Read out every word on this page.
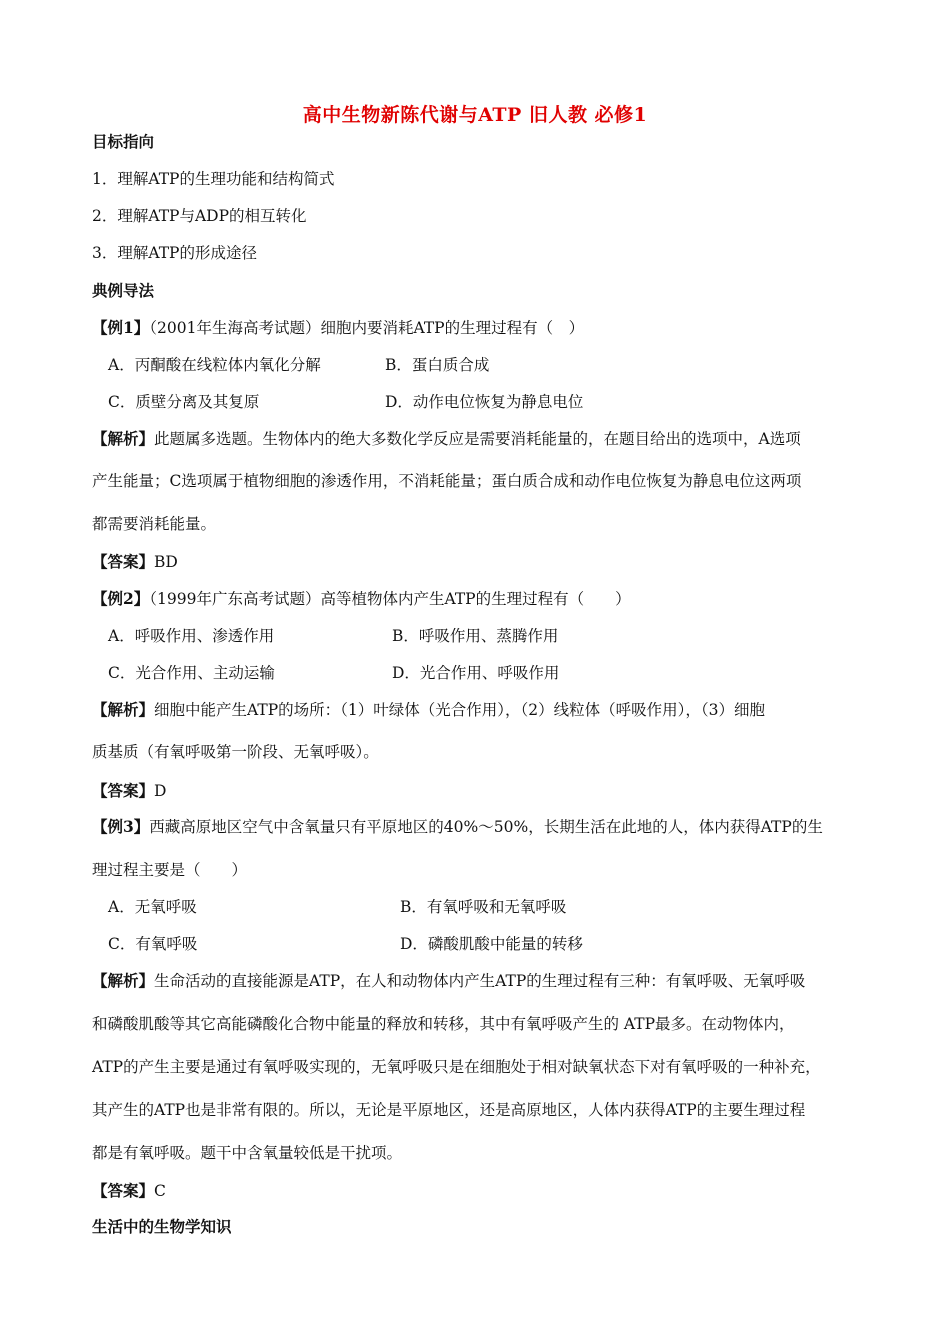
高中生物新陈代谢与ATP 旧人教 必修1
目标指向
1．理解ATP的生理功能和结构简式
2．理解ATP与ADP的相互转化
3．理解ATP的形成途径
典例导法
【例1】（2001年生海高考试题）细胞内要消耗ATP的生理过程有（　）
A．丙酮酸在线粒体内氧化分解	B．蛋白质合成
C．质壁分离及其复原	D．动作电位恢复为静息电位
【解析】此题属多选题。生物体内的绝大多数化学反应是需要消耗能量的，在题目给出的选项中，A选项
产生能量；C选项属于植物细胞的渗透作用，不消耗能量；蛋白质合成和动作电位恢复为静息电位这两项
都需要消耗能量。
【答案】BD
【例2】（1999年广东高考试题）高等植物体内产生ATP的生理过程有（　　）
A．呼吸作用、渗透作用	B．呼吸作用、蒸腾作用
C．光合作用、主动运输	D．光合作用、呼吸作用
【解析】细胞中能产生ATP的场所：（1）叶绿体（光合作用），（2）线粒体（呼吸作用），（3）细胞
质基质（有氧呼吸第一阶段、无氧呼吸）。
【答案】D
【例3】西藏高原地区空气中含氧量只有平原地区的40%～50%，长期生活在此地的人，体内获得ATP的生
理过程主要是（　　）
A．无氧呼吸	B．有氧呼吸和无氧呼吸
C．有氧呼吸	D．磷酸肌酸中能量的转移
【解析】生命活动的直接能源是ATP，在人和动物体内产生ATP的生理过程有三种：有氧呼吸、无氧呼吸
和磷酸肌酸等其它高能磷酸化合物中能量的释放和转移，其中有氧呼吸产生的 ATP最多。在动物体内，
ATP的产生主要是通过有氧呼吸实现的，无氧呼吸只是在细胞处于相对缺氧状态下对有氧呼吸的一种补充，
其产生的ATP也是非常有限的。所以，无论是平原地区，还是高原地区，人体内获得ATP的主要生理过程
都是有氧呼吸。题干中含氧量较低是干扰项。
【答案】C
生活中的生物学知识
